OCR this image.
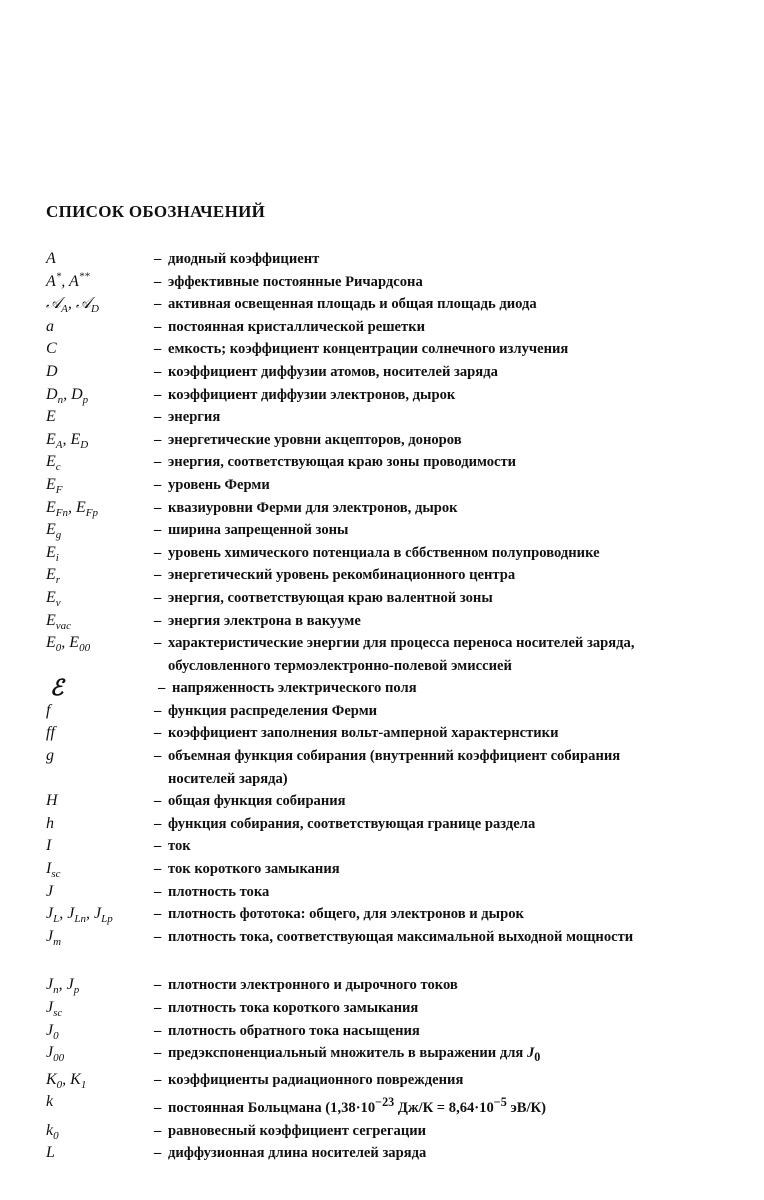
СПИСОК ОБОЗНАЧЕНИЙ
A	– диодный коэффициент
A*, A**	– эффективные постоянные Ричардсона
𝒜$_A$, 𝒜$_D$	– активная освещенная площадь и общая площадь диода
a	– постоянная кристаллической решетки
C	– емкость; коэффициент концентрации солнечного излучения
D	– коэффициент диффузии атомов, носителей заряда
$D_n$, $D_p$	– коэффициент диффузии электронов, дырок
E	– энергия
$E_A$, $E_D$	– энергетические уровни акцепторов, доноров
$E_c$	– энергия, соответствующая краю зоны проводимости
$E_F$	– уровень Ферми
$E_{Fn}$, $E_{Fp}$	– квазиуровни Ферми для электронов, дырок
$E_g$	– ширина запрещенной зоны
$E_i$	– уровень химического потенциала в сббственном полупроводнике
$E_r$	– энергетический уровень рекомбинационного центра
$E_v$	– энергия, соответствующая краю валентной зоны
$E_{vac}$	– энергия электрона в вакууме
$E_0$, $E_{00}$	– характеристические энергии для процесса переноса носителей заряда,
обусловленного термоэлектронно-полевой эмиссией
ℰ	– напряженность электрического поля
f	– функция распределения Ферми
ff	– коэффициент заполнения вольт-амперной характернстики
g	– объемная функция собирания (внутренний коэффициент собирания
носителей заряда)
H	– общая функция собирания
h	– функция собирания, соответствующая границе раздела
I	– ток
$I_{sc}$	– ток короткого замыкания
J	– плотность тока
$J_L$, $J_{Ln}$, $J_{Lp}$	– плотность фототока: общего, для электронов и дырок
$J_m$	– плотность тока, соответствующая максимальной выходной мощности
$J_n$, $J_p$	– плотности электронного и дырочного токов
$J_{sc}$	– плотность тока короткого замыкания
$J_0$	– плотность обратного тока насыщения
$J_{00}$	– предэкспоненциальный множитель в выражении для $J_0$
$K_0$, $K_1$	– коэффициенты радиационного повреждения
k	– постоянная Больцмана ($1,38\cdot 10^{-23}$ $Дж/К = 8,64\cdot 10^{-5}$ эВ/К)
$k_0$	– равновесный коэффициент сегрегации
L	– диффузионная длина носителей заряда
